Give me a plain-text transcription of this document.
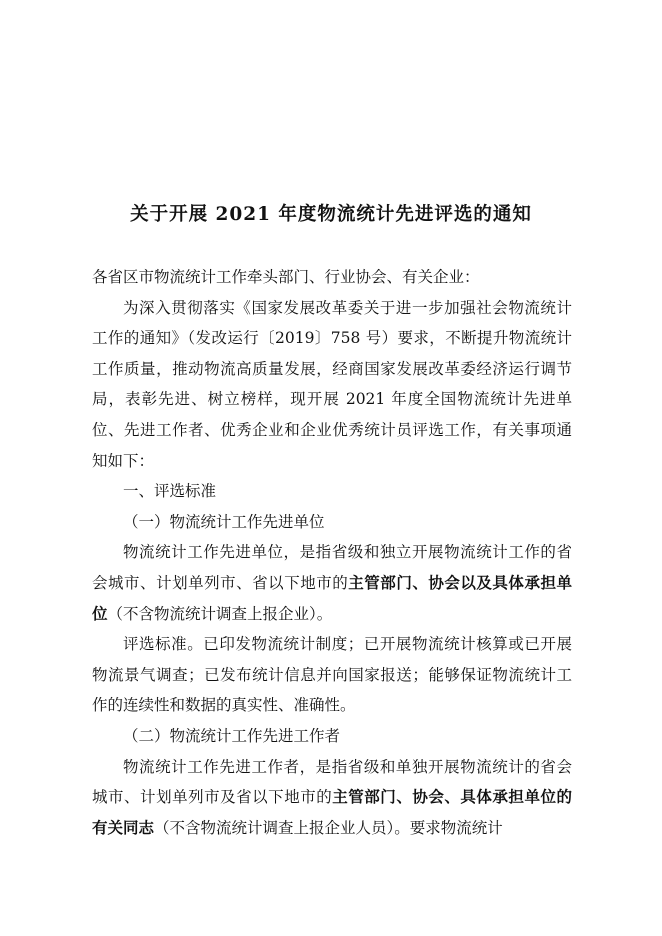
关于开展 2021 年度物流统计先进评选的通知

各省区市物流统计工作牵头部门、行业协会、有关企业：

为深入贯彻落实《国家发展改革委关于进一步加强社会物流统计工作的通知》（发改运行〔2019〕758 号）要求，不断提升物流统计工作质量，推动物流高质量发展，经商国家发展改革委经济运行调节局，表彰先进、树立榜样，现开展 2021 年度全国物流统计先进单位、先进工作者、优秀企业和企业优秀统计员评选工作，有关事项通知如下：

一、评选标准

（一）物流统计工作先进单位

物流统计工作先进单位，是指省级和独立开展物流统计工作的省会城市、计划单列市、省以下地市的主管部门、协会以及具体承担单位（不含物流统计调查上报企业）。

评选标准。已印发物流统计制度；已开展物流统计核算或已开展物流景气调查；已发布统计信息并向国家报送；能够保证物流统计工作的连续性和数据的真实性、准确性。

（二）物流统计工作先进工作者

物流统计工作先进工作者，是指省级和单独开展物流统计的省会城市、计划单列市及省以下地市的主管部门、协会、具体承担单位的有关同志（不含物流统计调查上报企业人员）。要求物流统计
